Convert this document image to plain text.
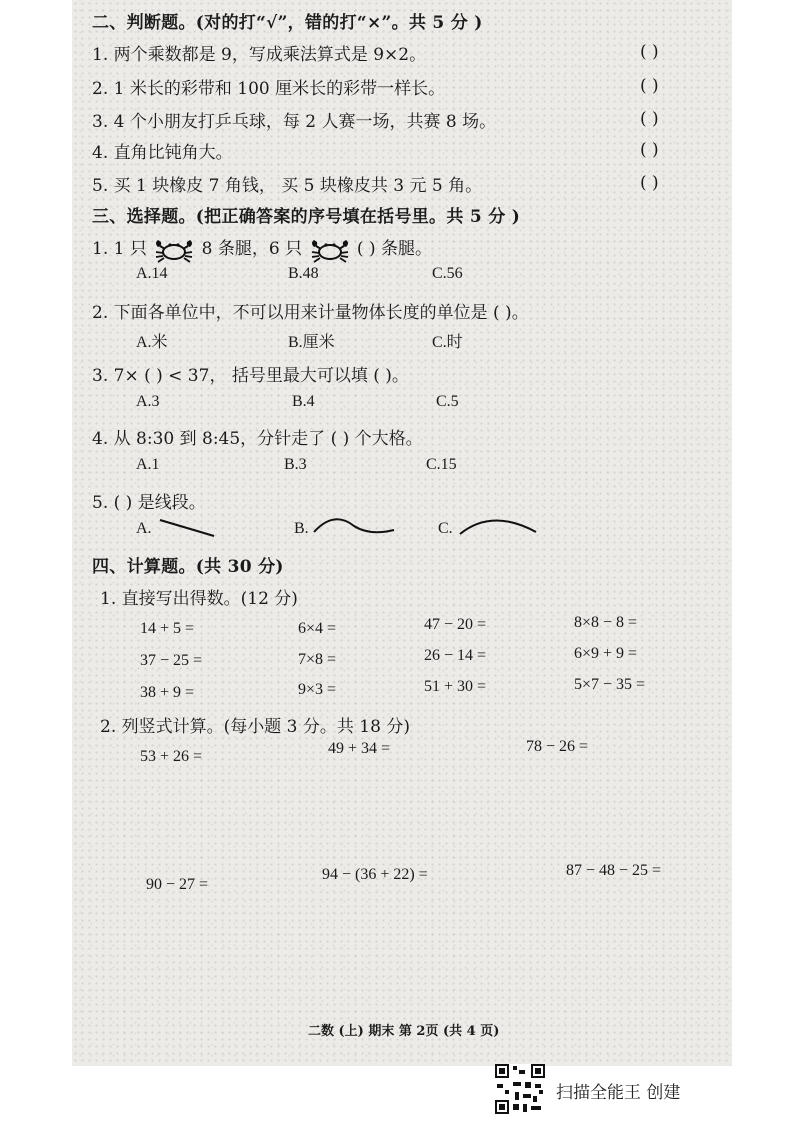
二、判断题。(对的打“√”，错的打“×”。共 5 分 )
1. 两个乘数都是 9，写成乘法算式是 9×2。	( )
2. 1 米长的彩带和 100 厘米长的彩带一样长。	( )
3. 4 个小朋友打乒乓球，每 2 人赛一场，共赛 8 场。	( )
4. 直角比钝角大。	( )
5. 买 1 块橡皮 7 角钱， 买 5 块橡皮共 3 元 5 角。	( )
三、选择题。(把正确答案的序号填在括号里。共 5 分 )
1. 1 只	8 条腿，6 只	( ) 条腿。
A.14	B.48	C.56
2. 下面各单位中，不可以用来计量物体长度的单位是 ( )。
A.米	B.厘米	C.时
3. 7× ( ) < 37， 括号里最大可以填 ( )。
A.3	B.4	C.5
4. 从 8:30 到 8:45，分针走了 ( ) 个大格。
A.1	B.3	C.15
5. ( ) 是线段。
A.	B.	C.
四、计算题。(共 30 分)
1. 直接写出得数。(12 分)
14 + 5 =	6×4 =	47 − 20 =	8×8 − 8 =
37 − 25 =	7×8 =	26 − 14 =	6×9 + 9 =
38 + 9 =	9×3 =	51 + 30 =	5×7 − 35 =
2. 列竖式计算。(每小题 3 分。共 18 分)
53 + 26 =	49 + 34 =	78 − 26 =
90 − 27 =
94 − (36 + 22) =	87 − 48 − 25 =
二数 (上) 期末 第 2页 (共 4 页)
扫描全能王 创建
